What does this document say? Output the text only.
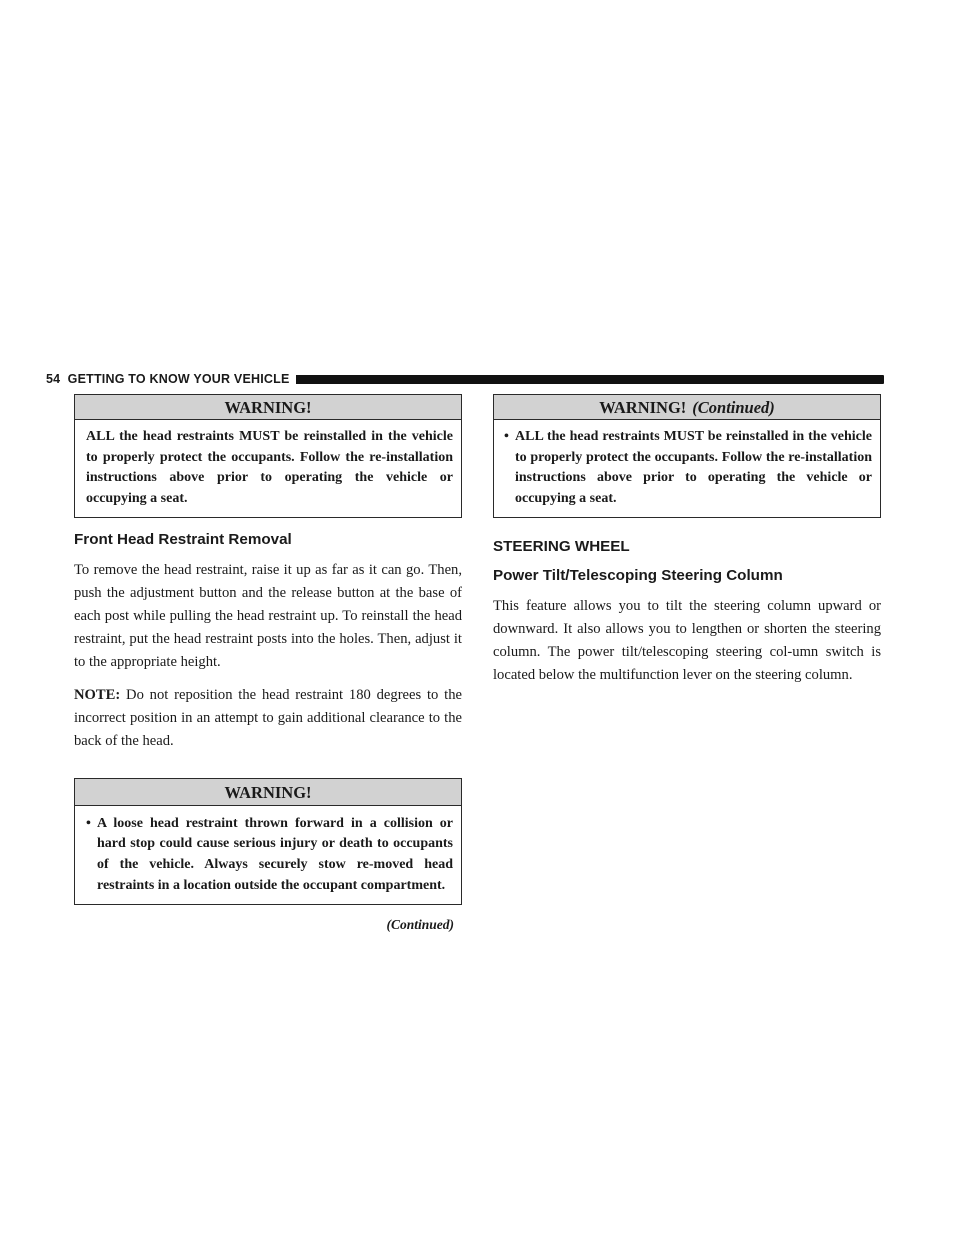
54 GETTING TO KNOW YOUR VEHICLE
WARNING!
ALL the head restraints MUST be reinstalled in the vehicle to properly protect the occupants. Follow the re-installation instructions above prior to operating the vehicle or occupying a seat.
Front Head Restraint Removal

To remove the head restraint, raise it up as far as it can go. Then, push the adjustment button and the release button at the base of each post while pulling the head restraint up. To reinstall the head restraint, put the head restraint posts into the holes. Then, adjust it to the appropriate height.

NOTE: Do not reposition the head restraint 180 degrees to the incorrect position in an attempt to gain additional clearance to the back of the head.

WARNING!
• A loose head restraint thrown forward in a collision or hard stop could cause serious injury or death to occupants of the vehicle. Always securely stow re-moved head restraints in a location outside the occupant compartment.
(Continued)
WARNING! (Continued)
• ALL the head restraints MUST be reinstalled in the vehicle to properly protect the occupants. Follow the re-installation instructions above prior to operating the vehicle or occupying a seat.
STEERING WHEEL
Power Tilt/Telescoping Steering Column

This feature allows you to tilt the steering column upward or downward. It also allows you to lengthen or shorten the steering column. The power tilt/telescoping steering col-umn switch is located below the multifunction lever on the steering column.
